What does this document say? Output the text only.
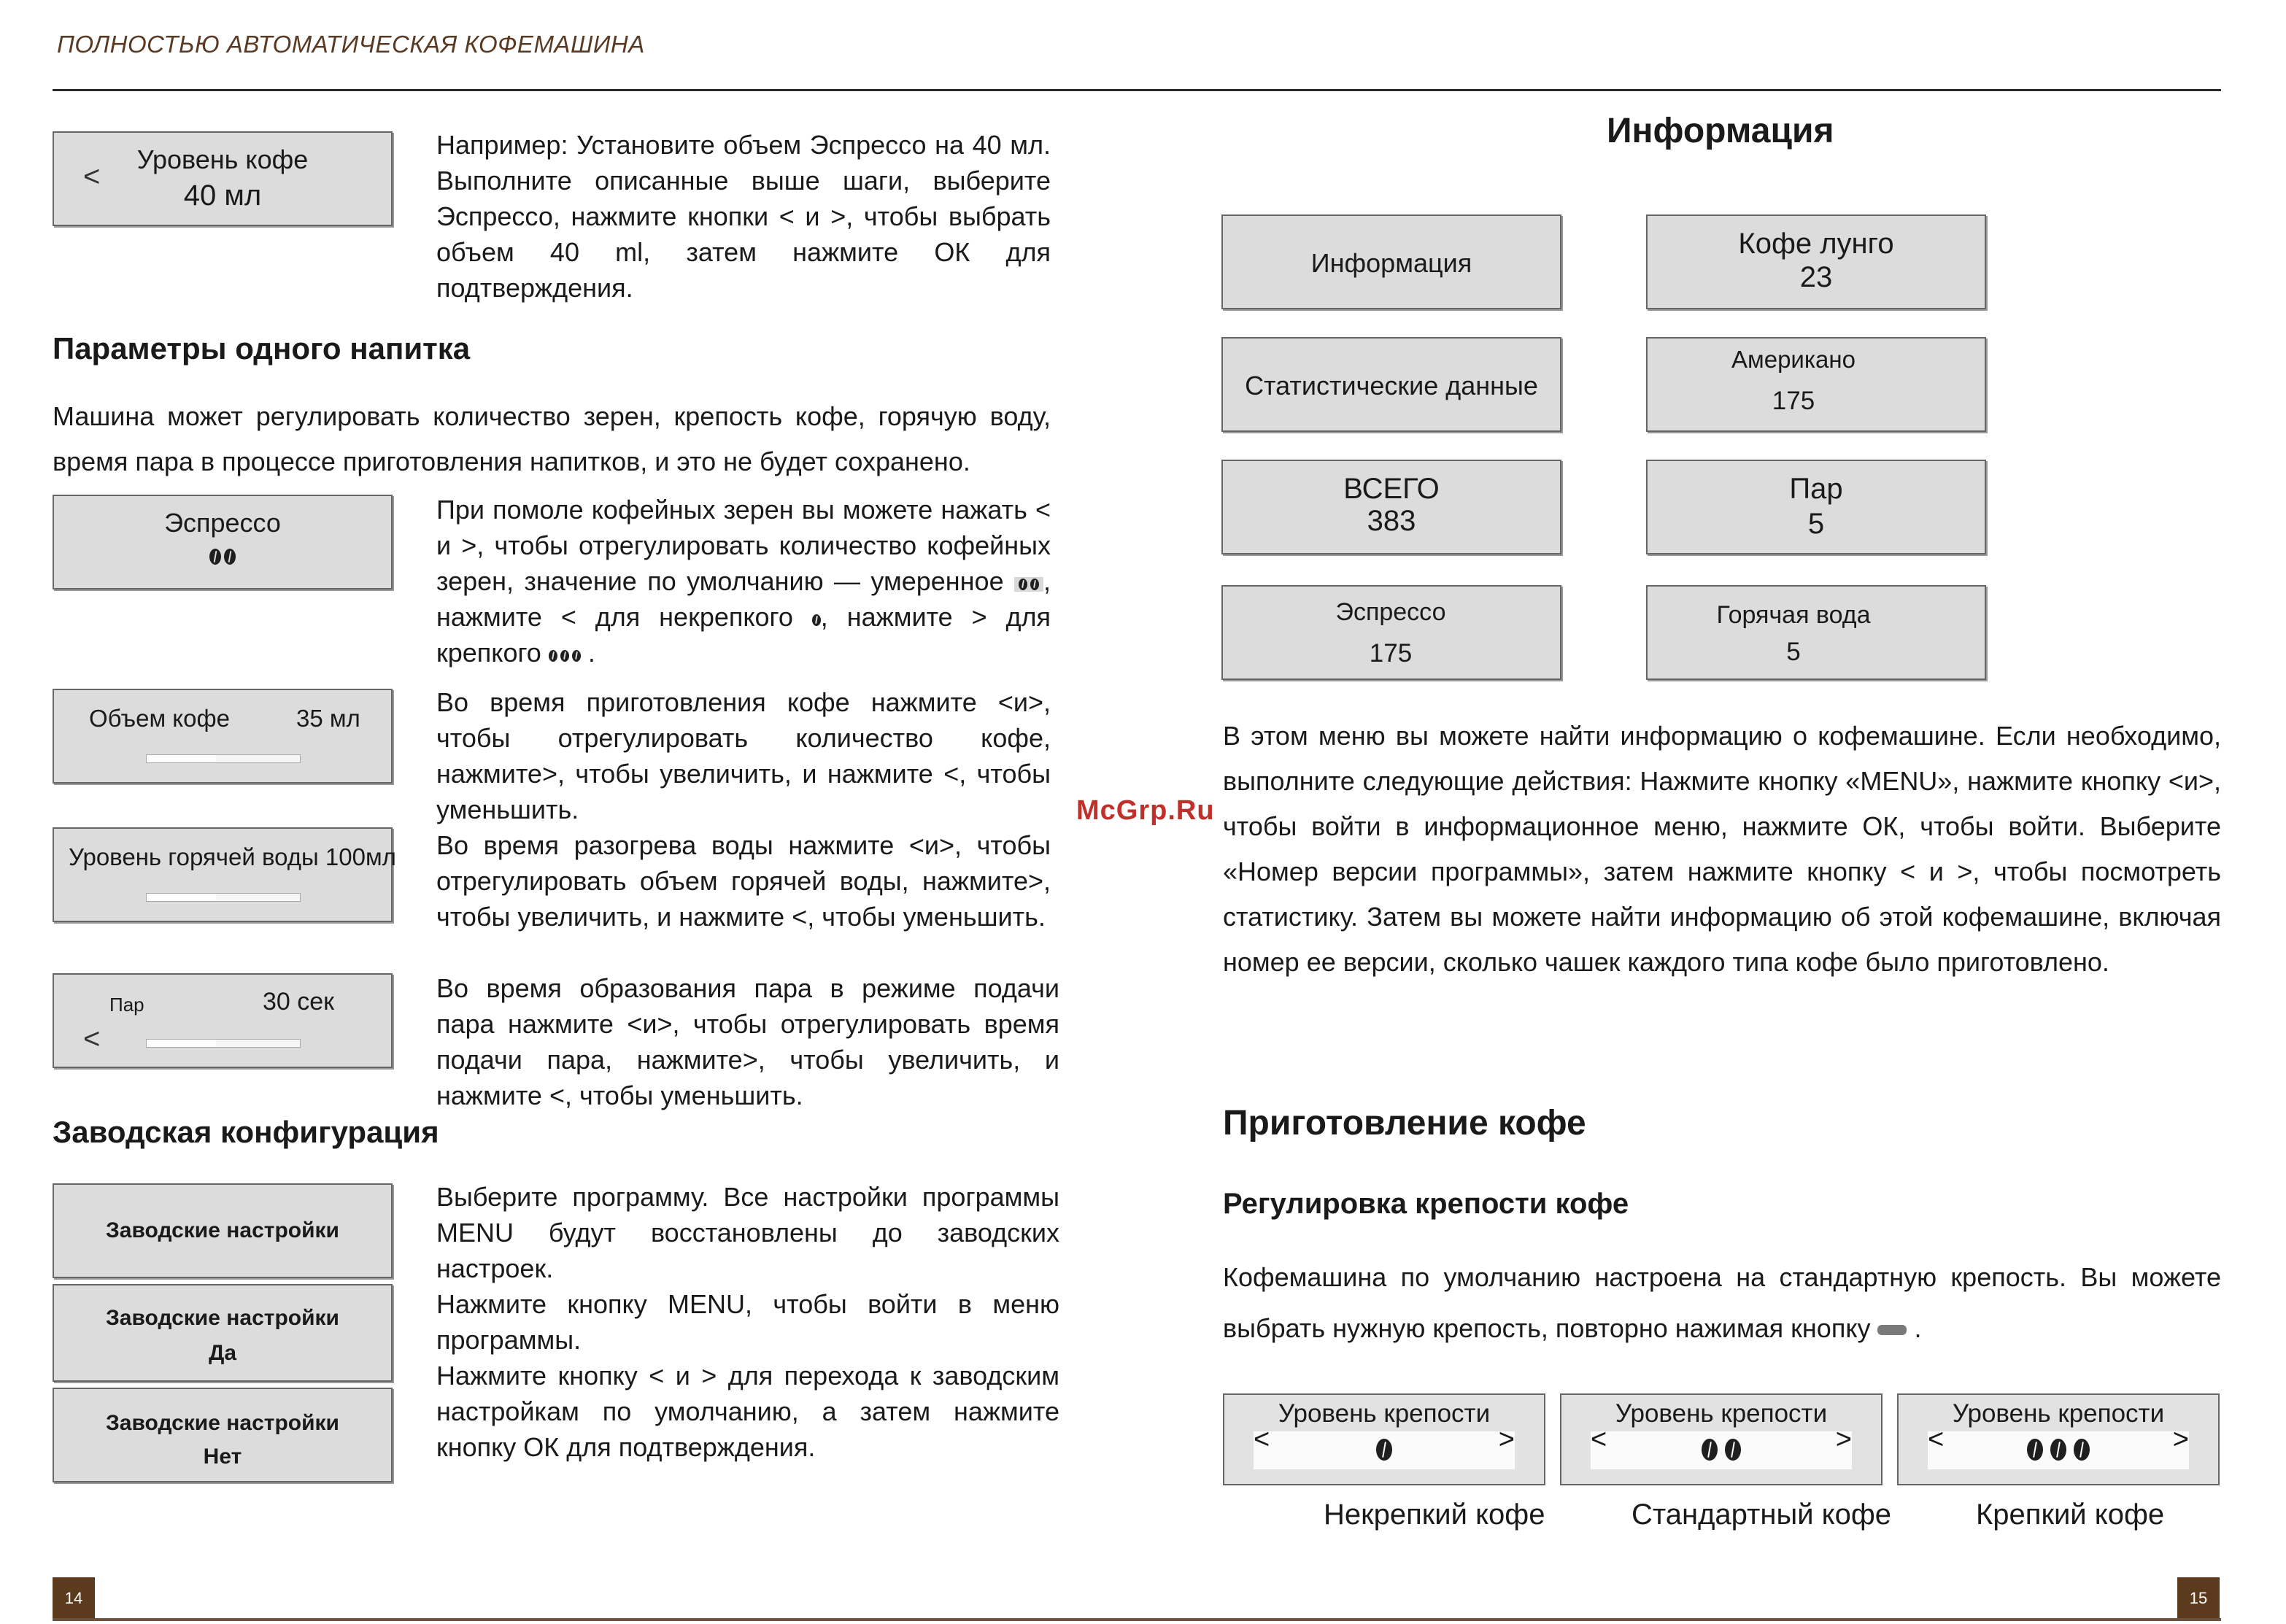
ПОЛНОСТЬЮ АВТОМАТИЧЕСКАЯ КОФЕМАШИНА
<
Уровень кофе
40 мл
Например: Установите объем Эспрессо на 40 мл. Выполните описанные выше шаги, выберите Эспрессо, нажмите кнопки < и >, чтобы выбрать объем 40 ml, затем нажмите ОК для подтверждения.
Параметры одного напитка
Машина может регулировать количество зерен, крепость кофе, горячую воду, время пара в процессе приготовления напитков, и это не будет сохранено.
Эспрессо	При помоле кофейных зерен вы можете нажать < и >, чтобы отрегулировать количество кофейных зерен, значение по умолчанию — умеренное , нажмите < для некрепкого , нажмите > для крепкого .
Объем кофе	35 мл
Во время приготовления кофе нажмите <и>, чтобы отрегулировать количество кофе, нажмите>, чтобы увеличить, и нажмите <, чтобы уменьшить.
Уровень горячей воды 100мл Во время разогрева воды нажмите <и>, чтобы отрегулировать объем горячей воды, нажмите>, чтобы увеличить, и нажмите <, чтобы уменьшить.
Пар	30 сек
<
Во время образования пара в режиме подачи пара нажмите <и>, чтобы отрегулировать время подачи пара, нажмите>, чтобы увеличить, и нажмите <, чтобы уменьшить.
Заводская конфигурация
Заводские настройки
Заводские настройки
Да
Заводские настройки
Нет
Выберите программу. Все настройки программы MENU будут восстановлены до заводских настроек.
Нажмите кнопку MENU, чтобы войти в меню программы.
Нажмите кнопку < и > для перехода к заводским настройкам по умолчанию, а затем нажмите кнопку ОК для подтверждения.
14
McGrp.Ru
Информация
Информация
Кофе лунго
23
Статистические данные
Американо
175
ВСЕГО
383
Пар
5
Эспрессо
175
Горячая вода
5
В этом меню вы можете найти информацию о кофемашине. Если необходимо, выполните следующие действия: Нажмите кнопку «MENU», нажмите кнопку <и>, чтобы войти в информационное меню, нажмите ОК, чтобы войти. Выберите «Номер версии программы», затем нажмите кнопку < и >, чтобы посмотреть статистику. Затем вы можете найти информацию об этой кофемашине, включая номер ее версии, сколько чашек каждого типа кофе было приготовлено.
Приготовление кофе
Регулировка крепости кофе
Кофемашина по умолчанию настроена на стандартную крепость. Вы можете выбрать нужную крепость, повторно нажимая кнопку .
Уровень крепости
<	>
Уровень крепости
<	>
Уровень крепости
<	>
Некрепкий кофе	Стандартный кофе	Крепкий кофе
15
